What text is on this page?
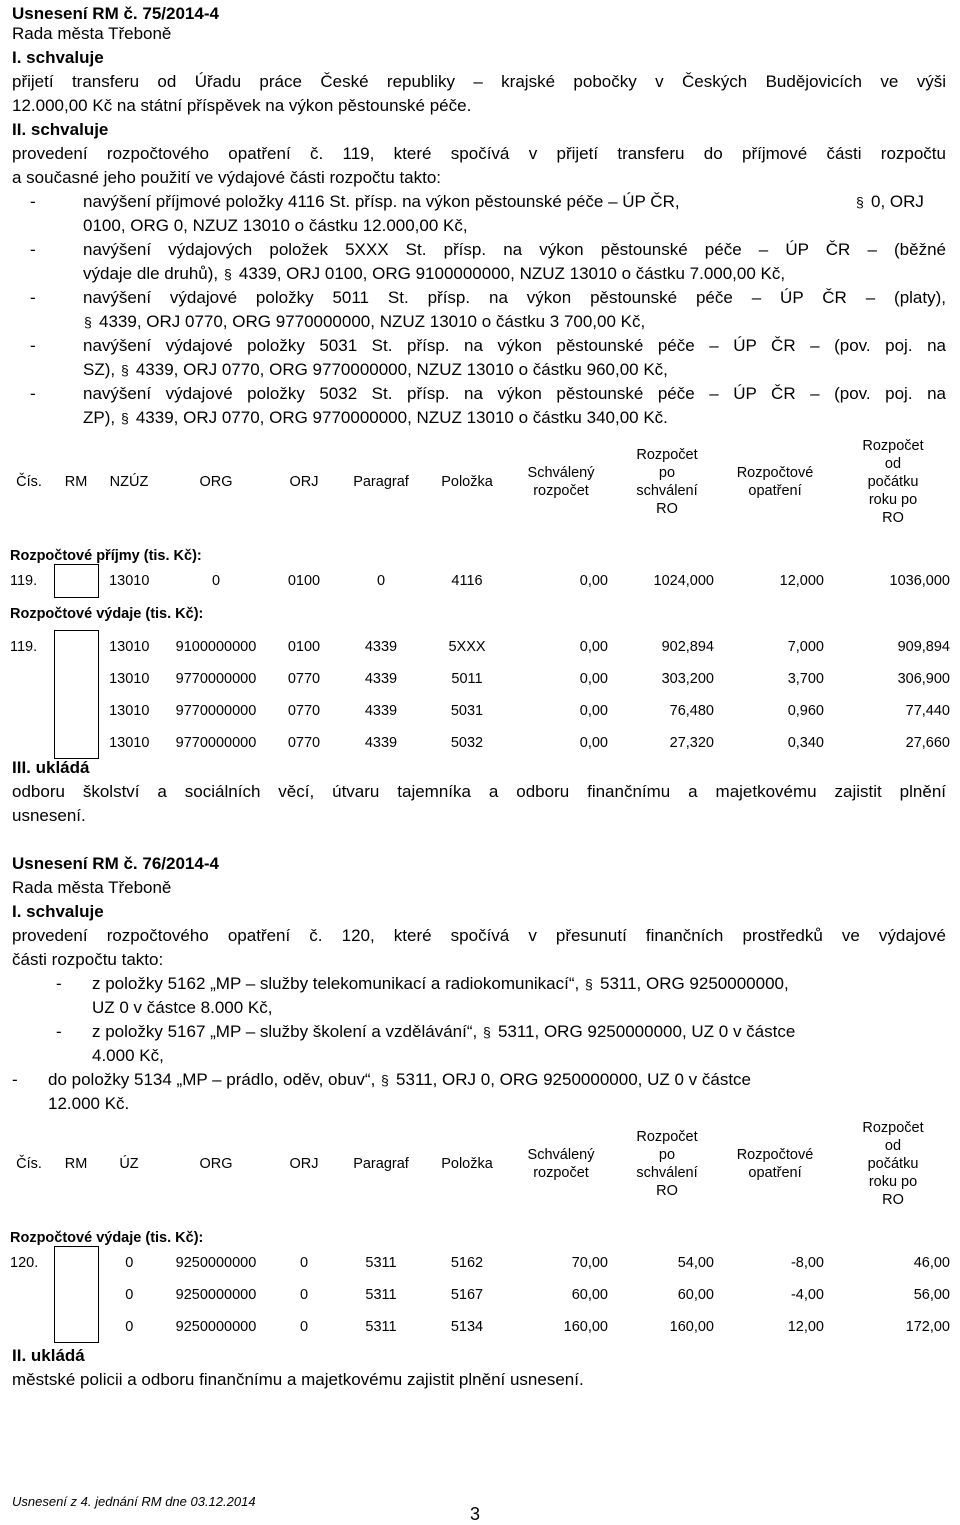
Usnesení RM č. 75/2014-4
Rada města Třeboně
I. schvaluje
přijetí transferu od Úřadu práce České republiky – krajské pobočky v Českých Budějovicích ve výši
12.000,00 Kč na státní příspěvek na výkon pěstounské péče.
II. schvaluje
provedení rozpočtového opatření č. 119, které spočívá v přijetí transferu do příjmové části rozpočtu
a současné jeho použití ve výdajové části rozpočtu takto:
-	navýšení příjmové položky 4116 St. přísp. na výkon pěstounské péče – ÚP ČR,	§ 0, ORJ
0100, ORG 0, NZUZ 13010 o částku 12.000,00 Kč,
-	navýšení výdajových položek 5XXX St. přísp. na výkon pěstounské péče – ÚP ČR – (běžné
výdaje dle druhů), § 4339, ORJ 0100, ORG 9100000000, NZUZ 13010 o částku 7.000,00 Kč,
-	navýšení výdajové položky 5011 St. přísp. na výkon pěstounské péče – ÚP ČR – (platy),
§ 4339, ORJ 0770, ORG 9770000000, NZUZ 13010 o částku 3 700,00 Kč,
-	navýšení výdajové položky 5031 St. přísp. na výkon pěstounské péče – ÚP ČR – (pov. poj. na
SZ), § 4339, ORJ 0770, ORG 9770000000, NZUZ 13010 o částku 960,00 Kč,
-	navýšení výdajové položky 5032 St. přísp. na výkon pěstounské péče – ÚP ČR – (pov. poj. na
ZP), § 4339, ORJ 0770, ORG 9770000000, NZUZ 13010 o částku 340,00 Kč.
Čís.	RM	NZÚZ	ORG	ORJ	Paragraf	Položka	Schválený rozpočet	Rozpočet po schválení RO	Rozpočtové opatření	Rozpočet od počátku roku po RO
Rozpočtové příjmy (tis. Kč):										
119.		13010	0	0100	0	4116	0,00	1024,000	12,000	1036,000
Rozpočtové výdaje (tis. Kč):										
119.		13010	9100000000	0100	4339	5XXX	0,00	902,894	7,000	909,894
		13010	9770000000	0770	4339	5011	0,00	303,200	3,700	306,900
		13010	9770000000	0770	4339	5031	0,00	76,480	0,960	77,440
		13010	9770000000	0770	4339	5032	0,00	27,320	0,340	27,660
III. ukládá
odboru školství a sociálních věcí, útvaru tajemníka a odboru finančnímu a majetkovému zajistit plnění
usnesení.
Usnesení RM č. 76/2014-4
Rada města Třeboně
I. schvaluje
provedení rozpočtového opatření č. 120, které spočívá v přesunutí finančních prostředků ve výdajové
části rozpočtu takto:
- z položky 5162 „MP – služby telekomunikací a radiokomunikací“, § 5311, ORG 9250000000,
UZ 0 v částce 8.000 Kč,
- z položky 5167 „MP – služby školení a vzdělávání“, § 5311, ORG 9250000000, UZ 0 v částce
4.000 Kč,
- do položky 5134 „MP – prádlo, oděv, obuv“, § 5311, ORJ 0, ORG 9250000000, UZ 0 v částce
12.000 Kč.
Čís.	RM	ÚZ	ORG	ORJ	Paragraf	Položka	Schválený rozpočet	Rozpočet po schválení RO	Rozpočtové opatření	Rozpočet od počátku roku po RO
Rozpočtové výdaje (tis. Kč):										
120.		0	9250000000	0	5311	5162	70,00	54,00	-8,00	46,00
		0	9250000000	0	5311	5167	60,00	60,00	-4,00	56,00
		0	9250000000	0	5311	5134	160,00	160,00	12,00	172,00
II. ukládá
městské policii a odboru finančnímu a majetkovému zajistit plnění usnesení.
Usnesení z 4. jednání RM dne 03.12.2014
3
